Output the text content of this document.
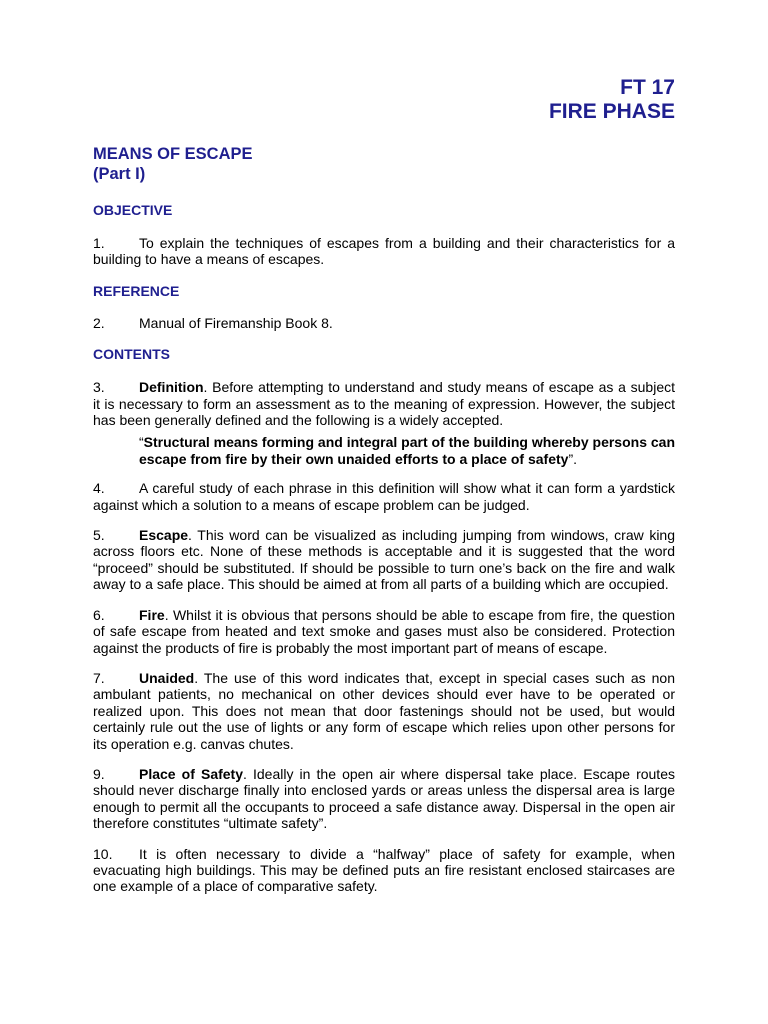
FT 17
FIRE PHASE
MEANS OF ESCAPE
(Part I)
OBJECTIVE
1. To explain the techniques of escapes from a building and their characteristics for a building to have a means of escapes.
REFERENCE
2. Manual of Firemanship Book 8.
CONTENTS
3. Definition. Before attempting to understand and study means of escape as a subject it is necessary to form an assessment as to the meaning of expression. However, the subject has been generally defined and the following is a widely accepted.
“Structural means forming and integral part of the building whereby persons can escape from fire by their own unaided efforts to a place of safety”.
4. A careful study of each phrase in this definition will show what it can form a yardstick against which a solution to a means of escape problem can be judged.
5. Escape. This word can be visualized as including jumping from windows, craw king across floors etc. None of these methods is acceptable and it is suggested that the word “proceed” should be substituted. If should be possible to turn one’s back on the fire and walk away to a safe place. This should be aimed at from all parts of a building which are occupied.
6. Fire. Whilst it is obvious that persons should be able to escape from fire, the question of safe escape from heated and text smoke and gases must also be considered. Protection against the products of fire is probably the most important part of means of escape.
7. Unaided. The use of this word indicates that, except in special cases such as non ambulant patients, no mechanical on other devices should ever have to be operated or realized upon. This does not mean that door fastenings should not be used, but would certainly rule out the use of lights or any form of escape which relies upon other persons for its operation e.g. canvas chutes.
9. Place of Safety. Ideally in the open air where dispersal take place. Escape routes should never discharge finally into enclosed yards or areas unless the dispersal area is large enough to permit all the occupants to proceed a safe distance away. Dispersal in the open air therefore constitutes “ultimate safety”.
10. It is often necessary to divide a “halfway” place of safety for example, when evacuating high buildings. This may be defined puts an fire resistant enclosed staircases are one example of a place of comparative safety.
